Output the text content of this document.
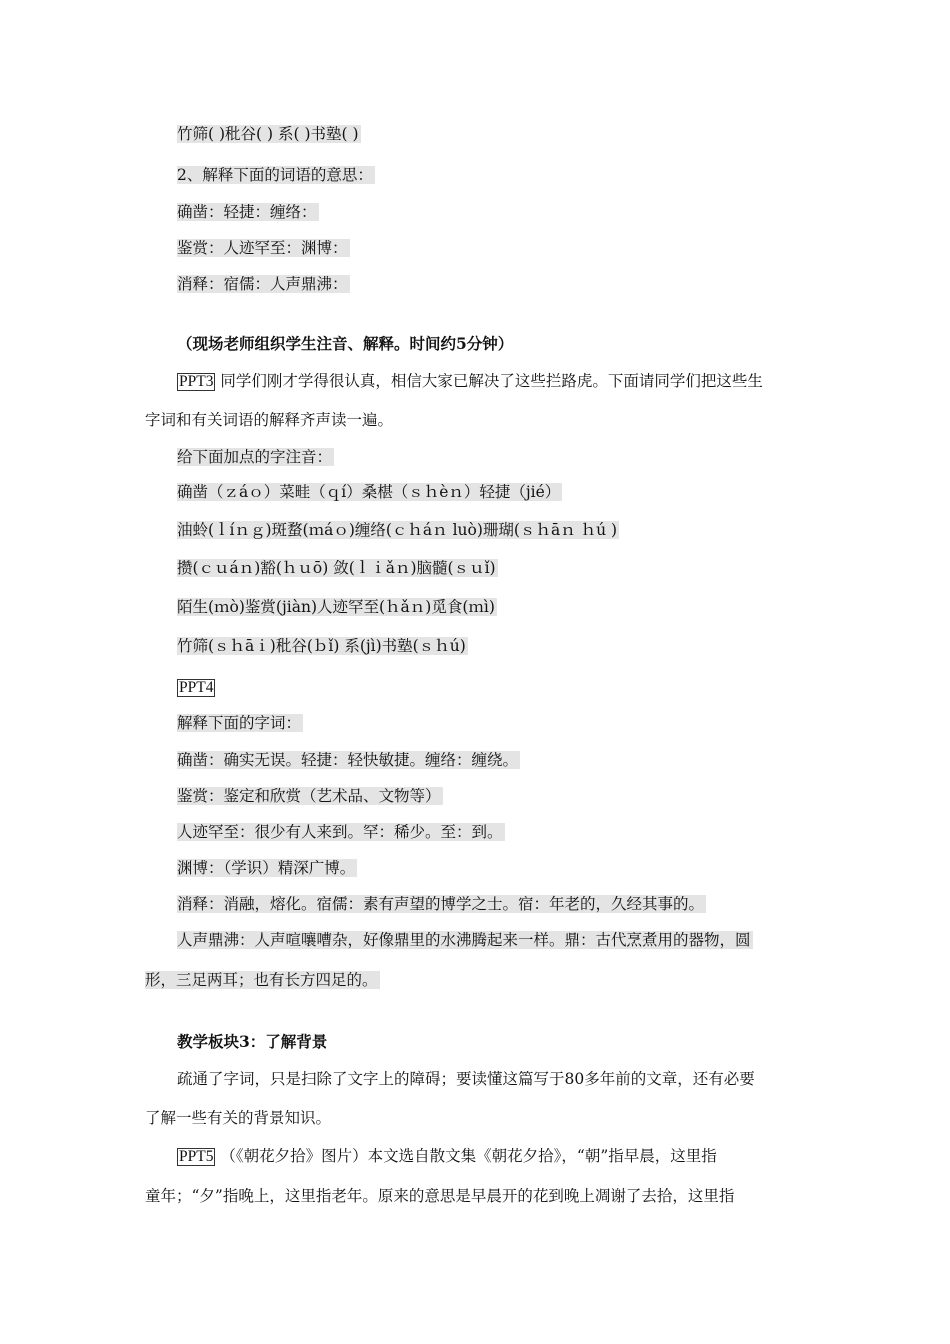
竹筛( )秕谷( ) 系( )书塾( )
2、解释下面的词语的意思：
确凿：轻捷：缠络：
鉴赏：人迹罕至：渊博：
消释：宿儒：人声鼎沸：
（现场老师组织学生注音、解释。时间约5分钟）
PPT3 同学们刚才学得很认真，相信大家已解决了这些拦路虎。下面请同学们把这些生
字词和有关词语的解释齐声读一遍。
给下面加点的字注音：
确凿（ｚáｏ）菜畦（ｑí）桑椹（ｓｈèｎ）轻捷（jié）
油蛉(ｌíｎｇ)斑蝥(ｍáｏ)缠络(ｃｈáｎ luò)珊瑚(ｓｈāｎ ｈú )
攒(ｃｕáｎ)豁(ｈｕō) 敛(ｌｉǎｎ)脑髓(ｓｕǐ)
陌生(ｍò)鉴赏(jiàn)人迹罕至(ｈǎｎ)觅食(ｍì)
竹筛(ｓｈāｉ)秕谷(ｂǐ) 系(jì)书塾(ｓｈú)
PPT4
解释下面的字词：
确凿：确实无误。轻捷：轻快敏捷。缠络：缠绕。
鉴赏：鉴定和欣赏（艺术品、文物等）
人迹罕至：很少有人来到。罕：稀少。至：到。
渊博：（学识）精深广博。
消释：消融，熔化。宿儒：素有声望的博学之士。宿：年老的，久经其事的。
人声鼎沸：人声喧嚷嘈杂，好像鼎里的水沸腾起来一样。鼎：古代烹煮用的器物，圆
形，三足两耳；也有长方四足的。
教学板块3：了解背景
疏通了字词，只是扫除了文字上的障碍；要读懂这篇写于80多年前的文章，还有必要
了解一些有关的背景知识。
PPT5 （《朝花夕拾》图片）本文选自散文集《朝花夕拾》，“朝”指早晨，这里指
童年；“夕”指晚上，这里指老年。原来的意思是早晨开的花到晚上凋谢了去拾，这里指
